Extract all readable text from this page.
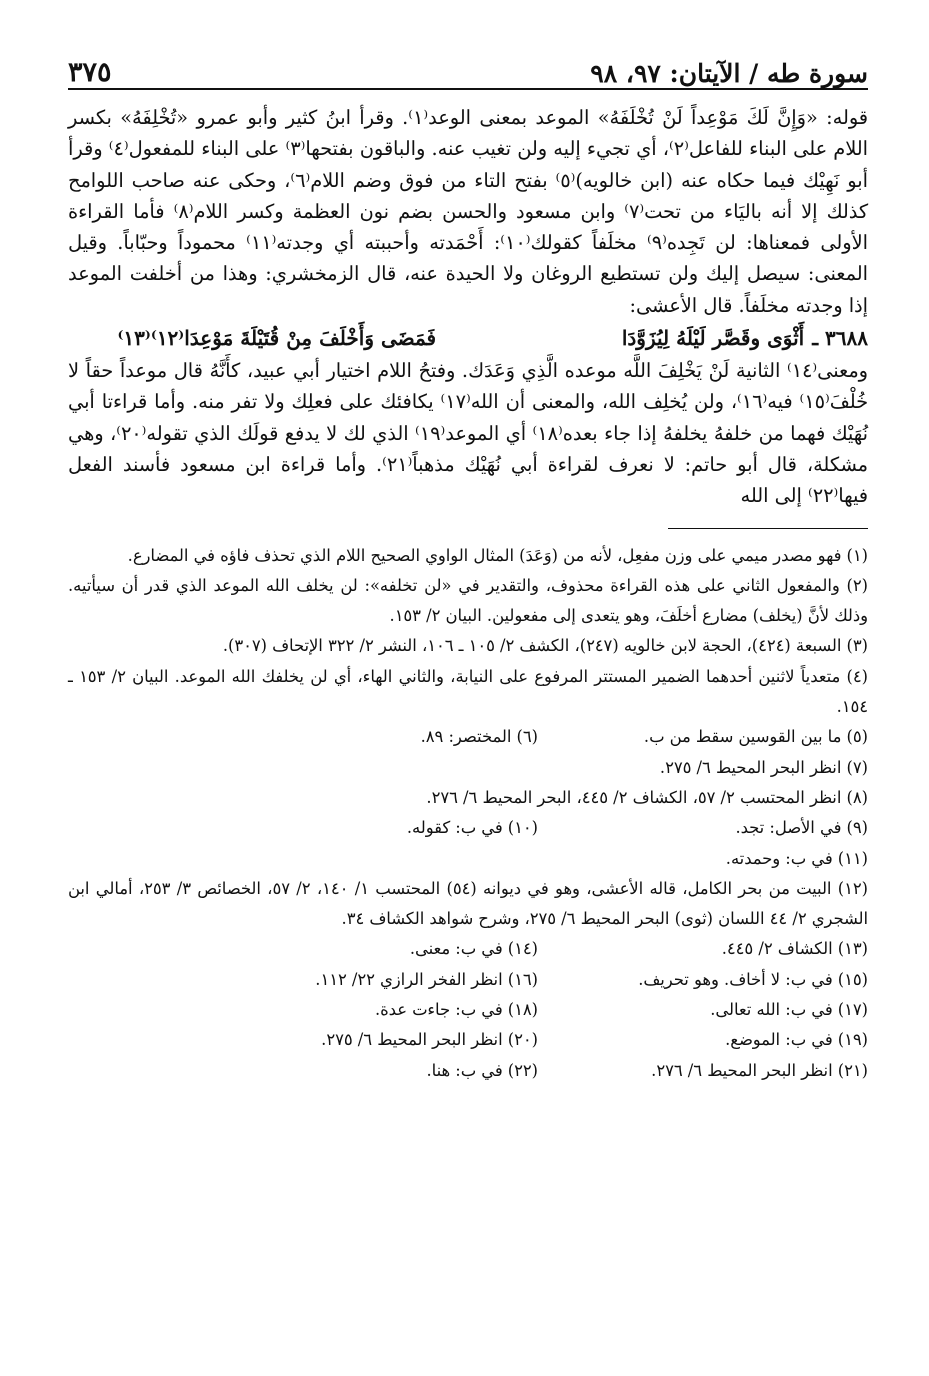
سورة طه / الآيتان: ٩٧، ٩٨
٣٧٥

قوله: «وَإِنَّ لَكَ مَوْعِداً لَنْ تُخْلَفَهُ» الموعد بمعنى الوعد⁽١⁾. وقرأ ابنُ كثير وأبو عمرو «تُخْلِفَهُ» بكسر اللام على البناء للفاعل⁽٢⁾، أي تجيء إليه ولن تغيب عنه. والباقون بفتحها⁽٣⁾ على البناء للمفعول⁽٤⁾ وقرأ أبو نَهِيْك فيما حكاه عنه (ابن خالويه)⁽٥⁾ بفتح التاء من فوق وضم اللام⁽٦⁾، وحكى عنه صاحب اللوامح كذلك إلا أنه باليَاء من تحت⁽٧⁾ وابن مسعود والحسن بضم نون العظمة وكسر اللام⁽٨⁾ فأما القراءة الأولى فمعناها: لن تَجِده⁽٩⁾ مخلَفاً كقولك⁽١٠⁾: أَحْمَدته وأحببته أي وجدته⁽١١⁾ محموداً وحبّاباً. وقيل المعنى: سيصل إليك ولن تستطيع الروغان ولا الحيدة عنه، قال الزمخشري: وهذا من أخلفت الموعد إذا وجدته مخلَفاً. قال الأعشى:

٣٦٨٨ ـ
أَثْوَى وقَصَّر لَيْلَهُ لِيُزَوَّدَا
فَمَضَى وَأَخْلَفَ مِنْ قُتَيْلَةَ مَوْعِدَا⁽١٢⁾⁽١٣⁾

ومعنى⁽١٤⁾ الثانية لَنْ يَخْلِفَ اللَّه موعده الَّذِي وَعَدَك. وفتحُ اللام اختيار أبي عبيد، كأَنَّهُ قال موعداً حقاً لا خُلْفَ⁽١٥⁾ فيه⁽١٦⁾، ولن يُخلِف الله، والمعنى أن الله⁽١٧⁾ يكافئك على فعلِك ولا تفر منه. وأما قراءتا أبي نُهَيْك فهما من خلفهُ يخلفهُ إذا جاء بعده⁽١٨⁾ أي الموعد⁽١٩⁾ الذي لك لا يدفع قولَك الذي تقوله⁽٢٠⁾، وهي مشكلة، قال أبو حاتم: لا نعرف لقراءة أبي نُهَيْك مذهباً⁽٢١⁾. وأما قراءة ابن مسعود فأسند الفعل فيها⁽٢٢⁾ إلى الله

(١) فهو مصدر ميمي على وزن مفعِل، لأنه من (وَعَدَ) المثال الواوي الصحيح اللام الذي تحذف فاؤه في المضارع.

(٢) والمفعول الثاني على هذه القراءة محذوف، والتقدير في «لن تخلفه»: لن يخلف الله الموعد الذي قدر أن سيأتيه. وذلك لأنَّ (يخلف) مضارع أخلَفَ، وهو يتعدى إلى مفعولين. البيان ٢/ ١٥٣.

(٣) السبعة (٤٢٤)، الحجة لابن خالويه (٢٤٧)، الكشف ٢/ ١٠٥ ـ ١٠٦، النشر ٢/ ٣٢٢ الإتحاف (٣٠٧).

(٤) متعدياً لاثنين أحدهما الضمير المستتر المرفوع على النيابة، والثاني الهاء، أي لن يخلفك الله الموعد. البيان ٢/ ١٥٣ ـ ١٥٤.

(٥) ما بين القوسين سقط من ب.
(٦) المختصر: ٨٩.

(٧) انظر البحر المحيط ٦/ ٢٧٥.

(٨) انظر المحتسب ٢/ ٥٧، الكشاف ٢/ ٤٤٥، البحر المحيط ٦/ ٢٧٦.

(٩) في الأصل: تجد.
(١٠) في ب: كقوله.

(١١) في ب: وحمدته.

(١٢) البيت من بحر الكامل، قاله الأعشى، وهو في ديوانه (٥٤) المحتسب ١/ ١٤٠، ٢/ ٥٧، الخصائص ٣/ ٢٥٣، أمالي ابن الشجري ٢/ ٤٤ اللسان (ثوى) البحر المحيط ٦/ ٢٧٥، وشرح شواهد الكشاف ٣٤.

(١٣) الكشاف ٢/ ٤٤٥.
(١٤) في ب: معنى.
(١٥) في ب: لا أخاف. وهو تحريف.
(١٦) انظر الفخر الرازي ٢٢/ ١١٢.
(١٧) في ب: الله تعالى.
(١٨) في ب: جاءت عدة.
(١٩) في ب: الموضع.
(٢٠) انظر البحر المحيط ٦/ ٢٧٥.
(٢١) انظر البحر المحيط ٦/ ٢٧٦.
(٢٢) في ب: هنا.
